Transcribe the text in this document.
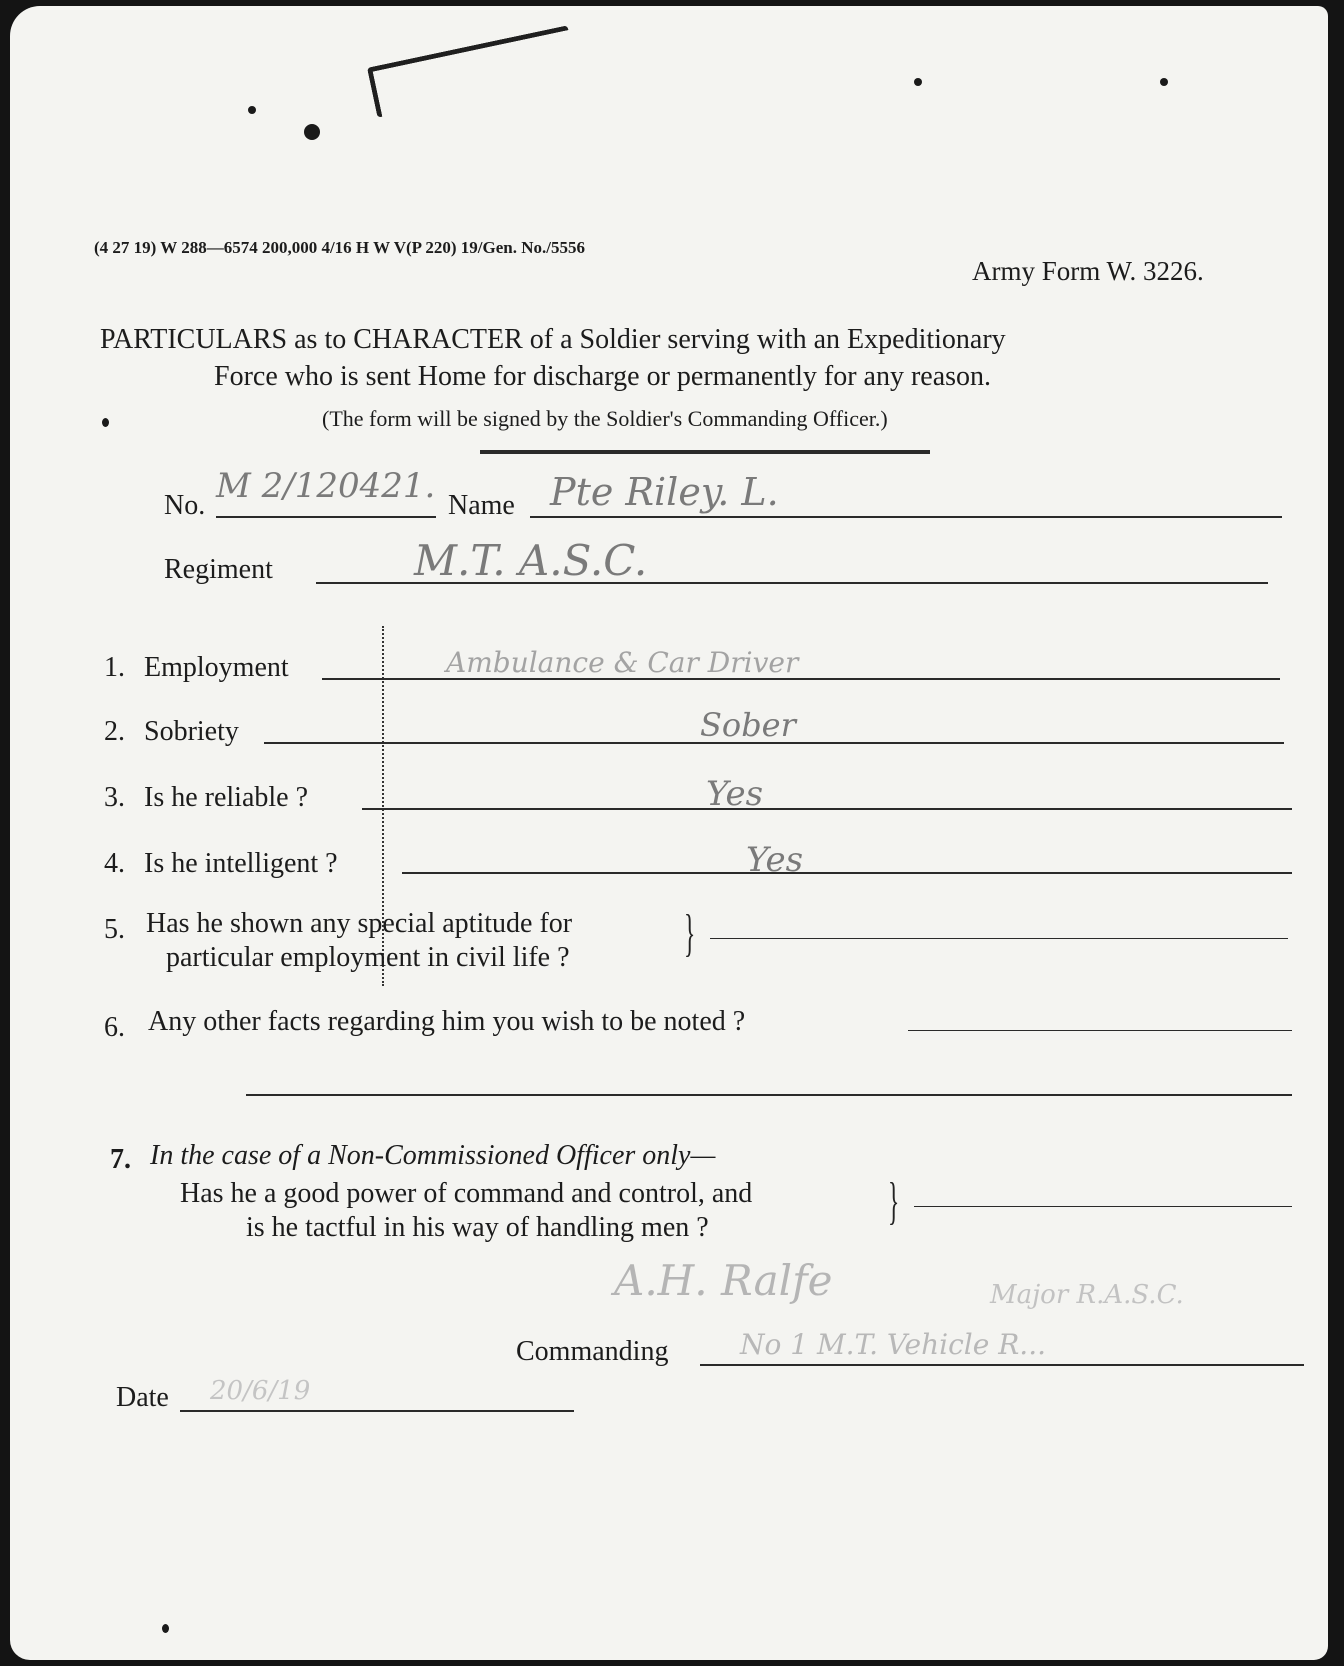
(4 27 19) W 288—6574 200,000 4/16 H W V(P 220) 19/Gen. No./5556
Army Form W. 3226.
PARTICULARS as to CHARACTER of a Soldier serving with an Expeditionary
Force who is sent Home for discharge or permanently for any reason.
(The form will be signed by the Soldier's Commanding Officer.)
No. M 2/120421. Name Pte Riley. L.
Regiment	M.T. A.S.C.
1. Employment	Ambulance & Car Driver
2. Sobriety	Sober
3. Is he reliable ?	Yes
4. Is he intelligent ?	Yes
5. Has he shown any special aptitude for
particular employment in civil life ? }
6. Any other facts regarding him you wish to be noted ?
7. In the case of a Non-Commissioned Officer only—
Has he a good power of command and control, and
is he tactful in his way of handling men ?	}
A.H. Ralfe	Major R.A.S.C.
Commanding	No 1 M.T. Vehicle R...
Date 20/6/19
